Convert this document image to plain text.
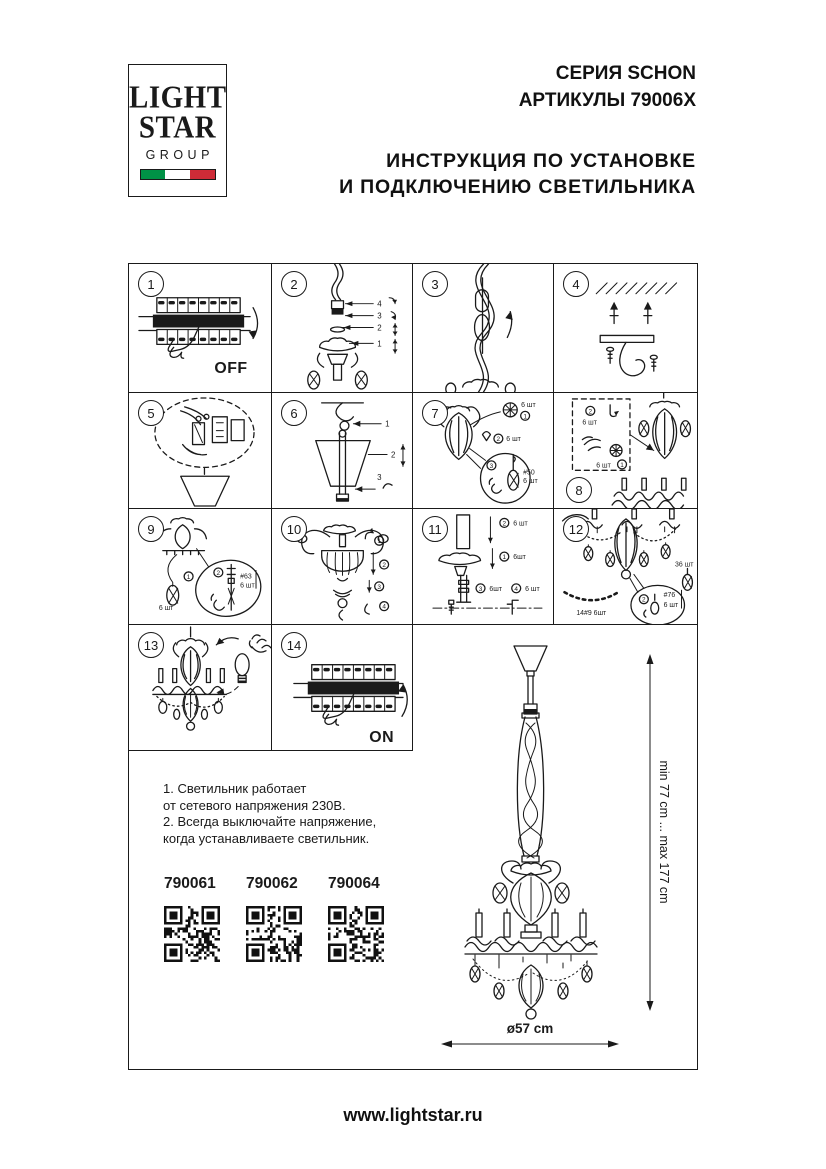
LIGHT
STAR
GROUP
СЕРИЯ SCHON
АРТИКУЛЫ 79006X
ИНСТРУКЦИЯ ПО УСТАНОВКЕ
И ПОДКЛЮЧЕНИЮ СВЕТИЛЬНИКА
1
OFF
2
4
3
2
1
3	4
5	6
1
2
3
7
6 шт
1
2 6 шт
3
#50
6 шт
8
2
6 шт
6 шт 1
9
1
6 шт
2	#63
6 шт
10
1
2
3
4
11	2 6 шт
1 6шт
3 6шт 4 6 шт
12
36 шт
14#9 6шт
2
#76
6 шт
13	14
ON
min 77 cm ... max 177 cm
ø57 cm
1. Светильник работает
от сетевого напряжения 230В.
2. Всегда выключайте напряжение,
когда устанавливаете светильник.
790061 790062 790064
www.lightstar.ru
